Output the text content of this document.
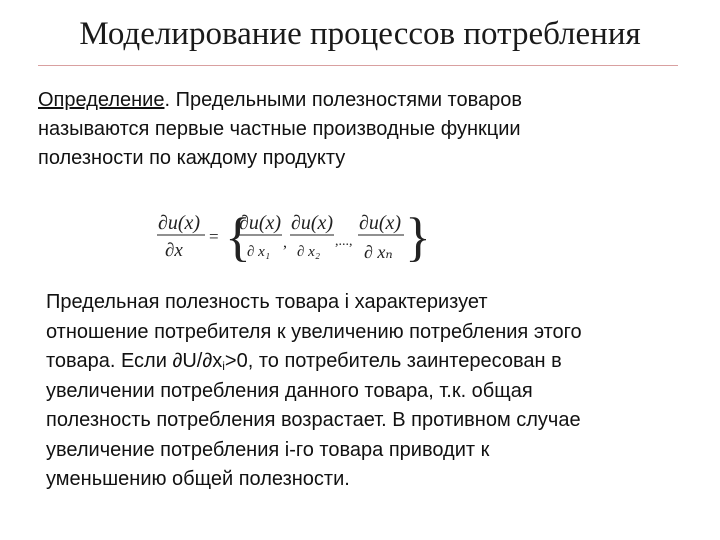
Моделирование процессов потребления
Определение. Предельными полезностями товаров
называются первые частные производные функции
полезности по каждому продукту
∂u(x)
∂x
= {
∂u(x)
∂ x₁
,
∂u(x)
∂ x₂
,...,
∂u(x)
∂ xₙ }
Предельная полезность товара i характеризует
отношение потребителя к увеличению потребления этого
товара. Если $\partial U/\partial x_i>0$, то потребитель заинтересован в
увеличении потребления данного товара, т.к. общая
полезность потребления возрастает. В противном случае
увеличение потребления i-го товара приводит к
уменьшению общей полезности.
